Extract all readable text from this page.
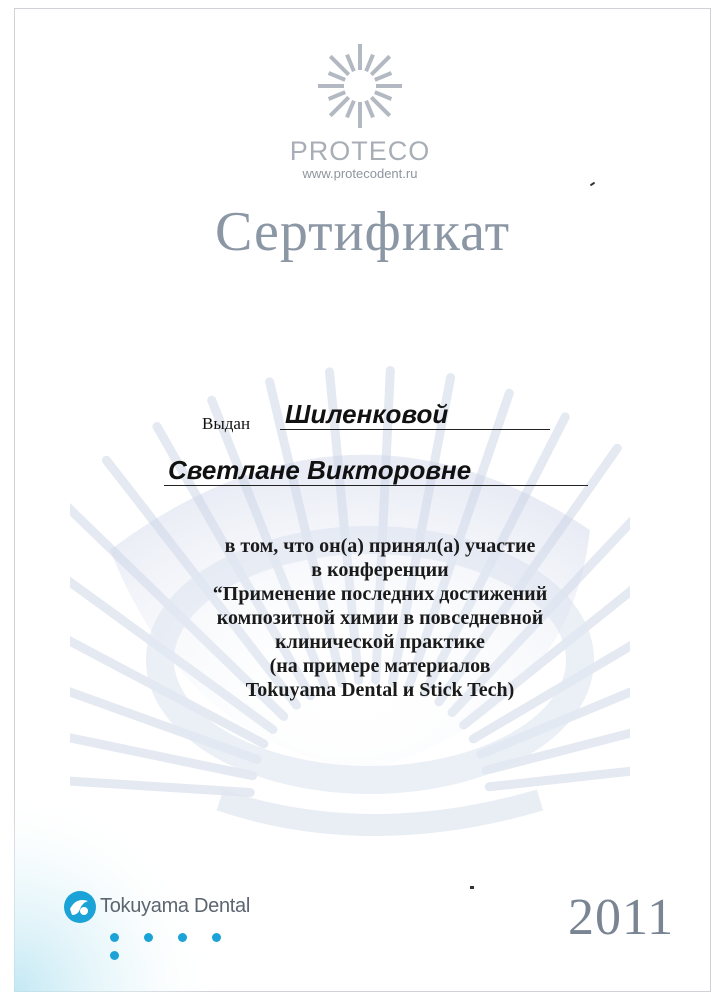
PROTECO
www.protecodent.ru
Сертификат
Выдан Шиленковой
Светлане Викторовне
в том, что он(а) принял(а) участие
в конференции
“Применение последних достижений
композитной химии в повседневной
клинической практике
(на примере материалов
Tokuyama Dental и Stick Tech)
Tokuyama Dental	2011
